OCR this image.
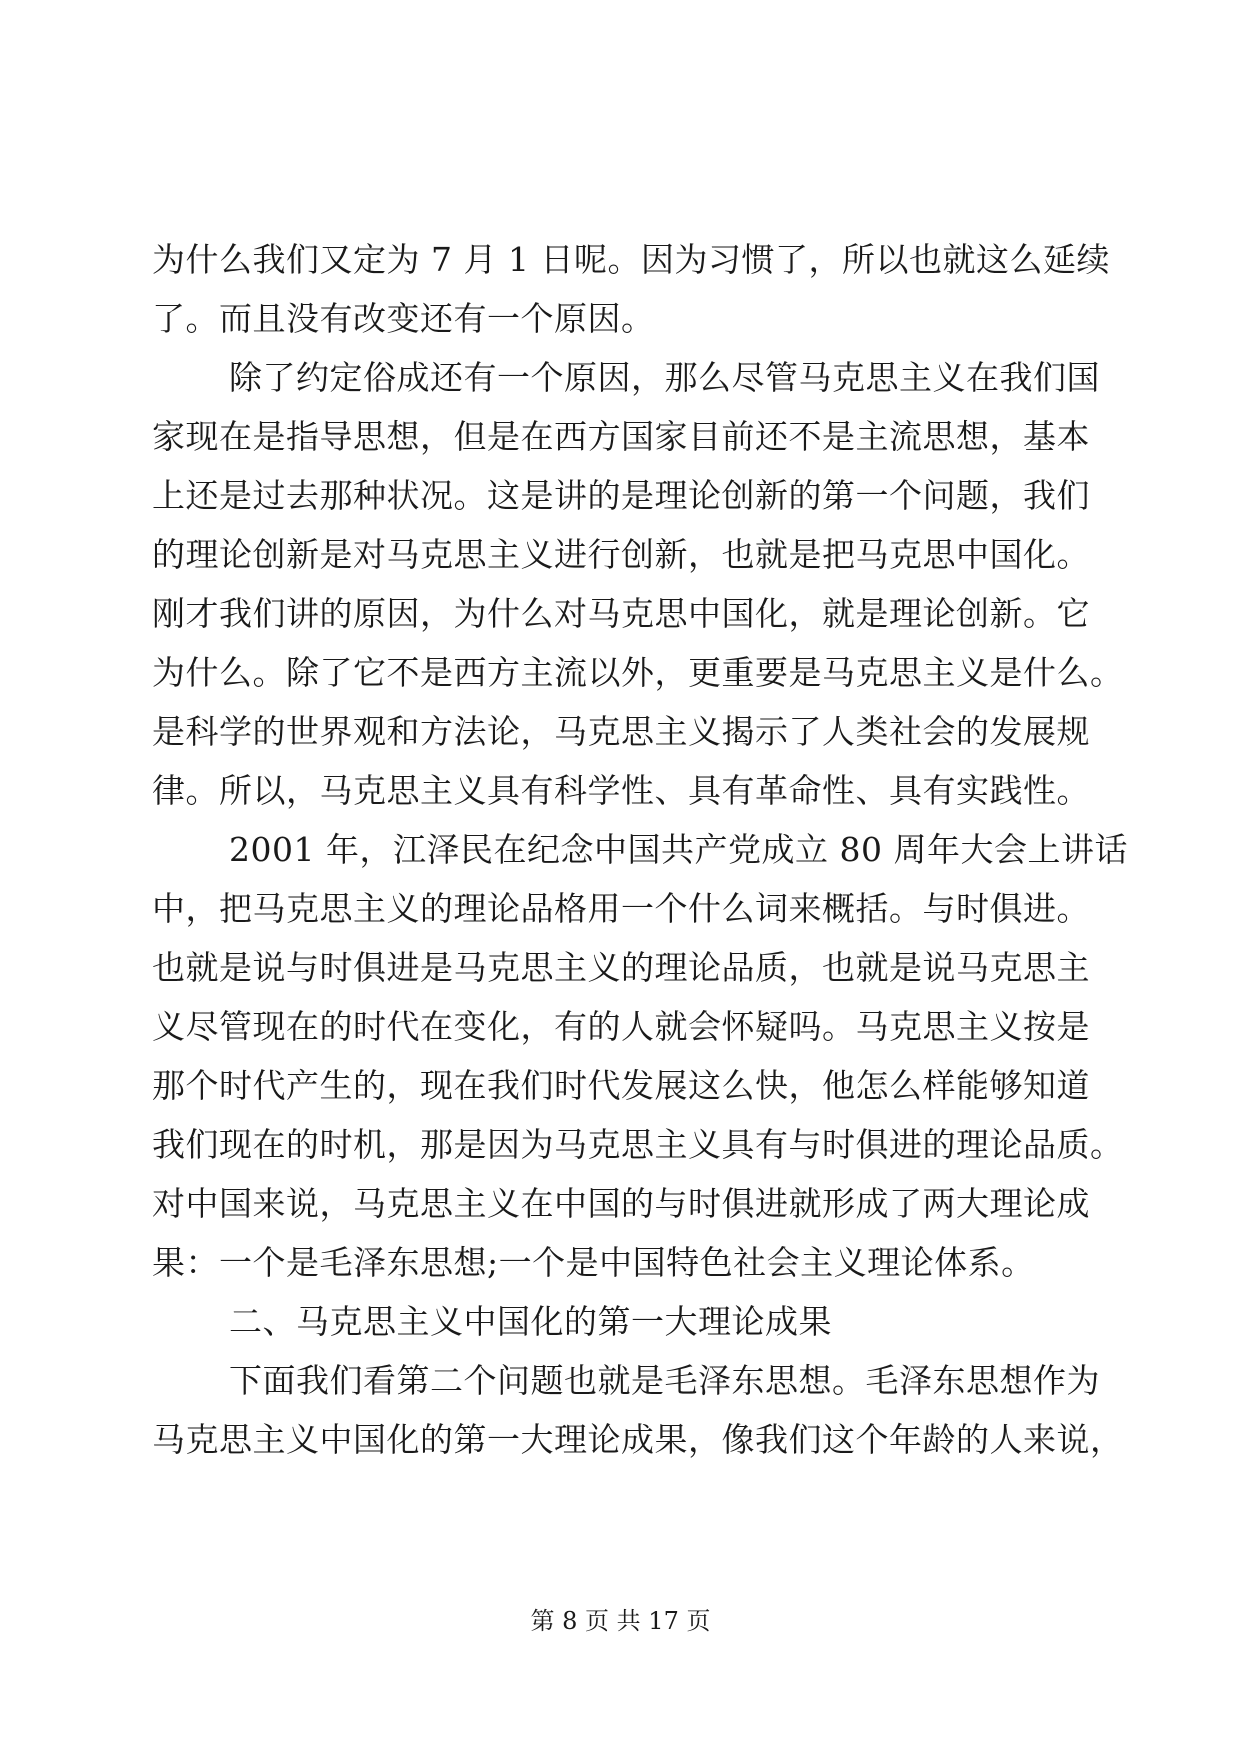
为什么我们又定为 7 月 1 日呢。因为习惯了，所以也就这么延续
了。而且没有改变还有一个原因。
除了约定俗成还有一个原因，那么尽管马克思主义在我们国
家现在是指导思想，但是在西方国家目前还不是主流思想，基本
上还是过去那种状况。这是讲的是理论创新的第一个问题，我们
的理论创新是对马克思主义进行创新，也就是把马克思中国化。
刚才我们讲的原因，为什么对马克思中国化，就是理论创新。它
为什么。除了它不是西方主流以外，更重要是马克思主义是什么。
是科学的世界观和方法论，马克思主义揭示了人类社会的发展规
律。所以，马克思主义具有科学性、具有革命性、具有实践性。
2001 年，江泽民在纪念中国共产党成立 80 周年大会上讲话
中，把马克思主义的理论品格用一个什么词来概括。与时俱进。
也就是说与时俱进是马克思主义的理论品质，也就是说马克思主
义尽管现在的时代在变化，有的人就会怀疑吗。马克思主义按是
那个时代产生的，现在我们时代发展这么快，他怎么样能够知道
我们现在的时机，那是因为马克思主义具有与时俱进的理论品质。
对中国来说，马克思主义在中国的与时俱进就形成了两大理论成
果：一个是毛泽东思想;一个是中国特色社会主义理论体系。
二、马克思主义中国化的第一大理论成果
下面我们看第二个问题也就是毛泽东思想。毛泽东思想作为
马克思主义中国化的第一大理论成果，像我们这个年龄的人来说，
第 8 页 共 17 页
